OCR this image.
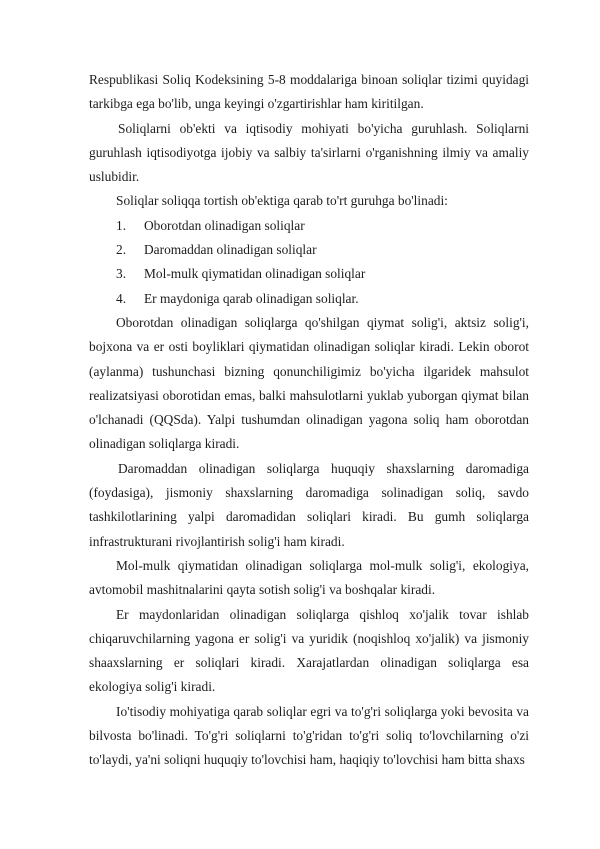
Respublikasi Soliq Kodeksining 5-8 moddalariga binoan soliqlar tizimi quyidagi tarkibga ega bo'lib, unga keyingi o'zgartirishlar ham kiritilgan.

Soliqlarni ob'ekti va iqtisodiy mohiyati bo'yicha guruhlash. Soliqlarni guruhlash iqtisodiyotga ijobiy va salbiy ta'sirlarni o'rganishning ilmiy va amaliy uslubidir.

Soliqlar soliqqa tortish ob'ektiga qarab to'rt guruhga bo'linadi:

1.	Oborotdan olinadigan soliqlar
2.	Daromaddan olinadigan soliqlar
3.	Mol-mulk qiymatidan olinadigan soliqlar
4.	Er maydoniga qarab olinadigan soliqlar.

Oborotdan olinadigan soliqlarga qo'shilgan qiymat solig'i, aktsiz solig'i, bojxona va er osti boyliklari qiymatidan olinadigan soliqlar kiradi. Lekin oborot (aylanma) tushunchasi bizning qonunchiligimiz bo'yicha ilgaridek mahsulot realizatsiyasi oborotidan emas, balki mahsulotlarni yuklab yuborgan qiymat bilan o'lchanadi (QQSda). Yalpi tushumdan olinadigan yagona soliq ham oborotdan olinadigan soliqlarga kiradi.

Daromaddan olinadigan soliqlarga huquqiy shaxslarning daromadiga (foydasiga), jismoniy shaxslarning daromadiga solinadigan soliq, savdo tashkilotlarining yalpi daromadidan soliqlari kiradi. Bu gumh soliqlarga infrastrukturani rivojlantirish solig'i ham kiradi.

Mol-mulk qiymatidan olinadigan soliqlarga mol-mulk solig'i, ekologiya, avtomobil mashitnalarini qayta sotish solig'i va boshqalar kiradi.

Er maydonlaridan olinadigan soliqlarga qishloq xo'jalik tovar ishlab chiqaruvchilarning yagona er solig'i va yuridik (noqishloq xo'jalik) va jismoniy shaaxslarning er soliqlari kiradi. Xarajatlardan olinadigan soliqlarga esa ekologiya solig'i kiradi.

Io'tisodiy mohiyatiga qarab soliqlar egri va to'g'ri soliqlarga yoki bevosita va bilvosta bo'linadi. To'g'ri soliqlarni to'g'ridan to'g'ri soliq to'lovchilarning o'zi to'laydi, ya'ni soliqni huquqiy to'lovchisi ham, haqiqiy to'lovchisi ham bitta shaxs
